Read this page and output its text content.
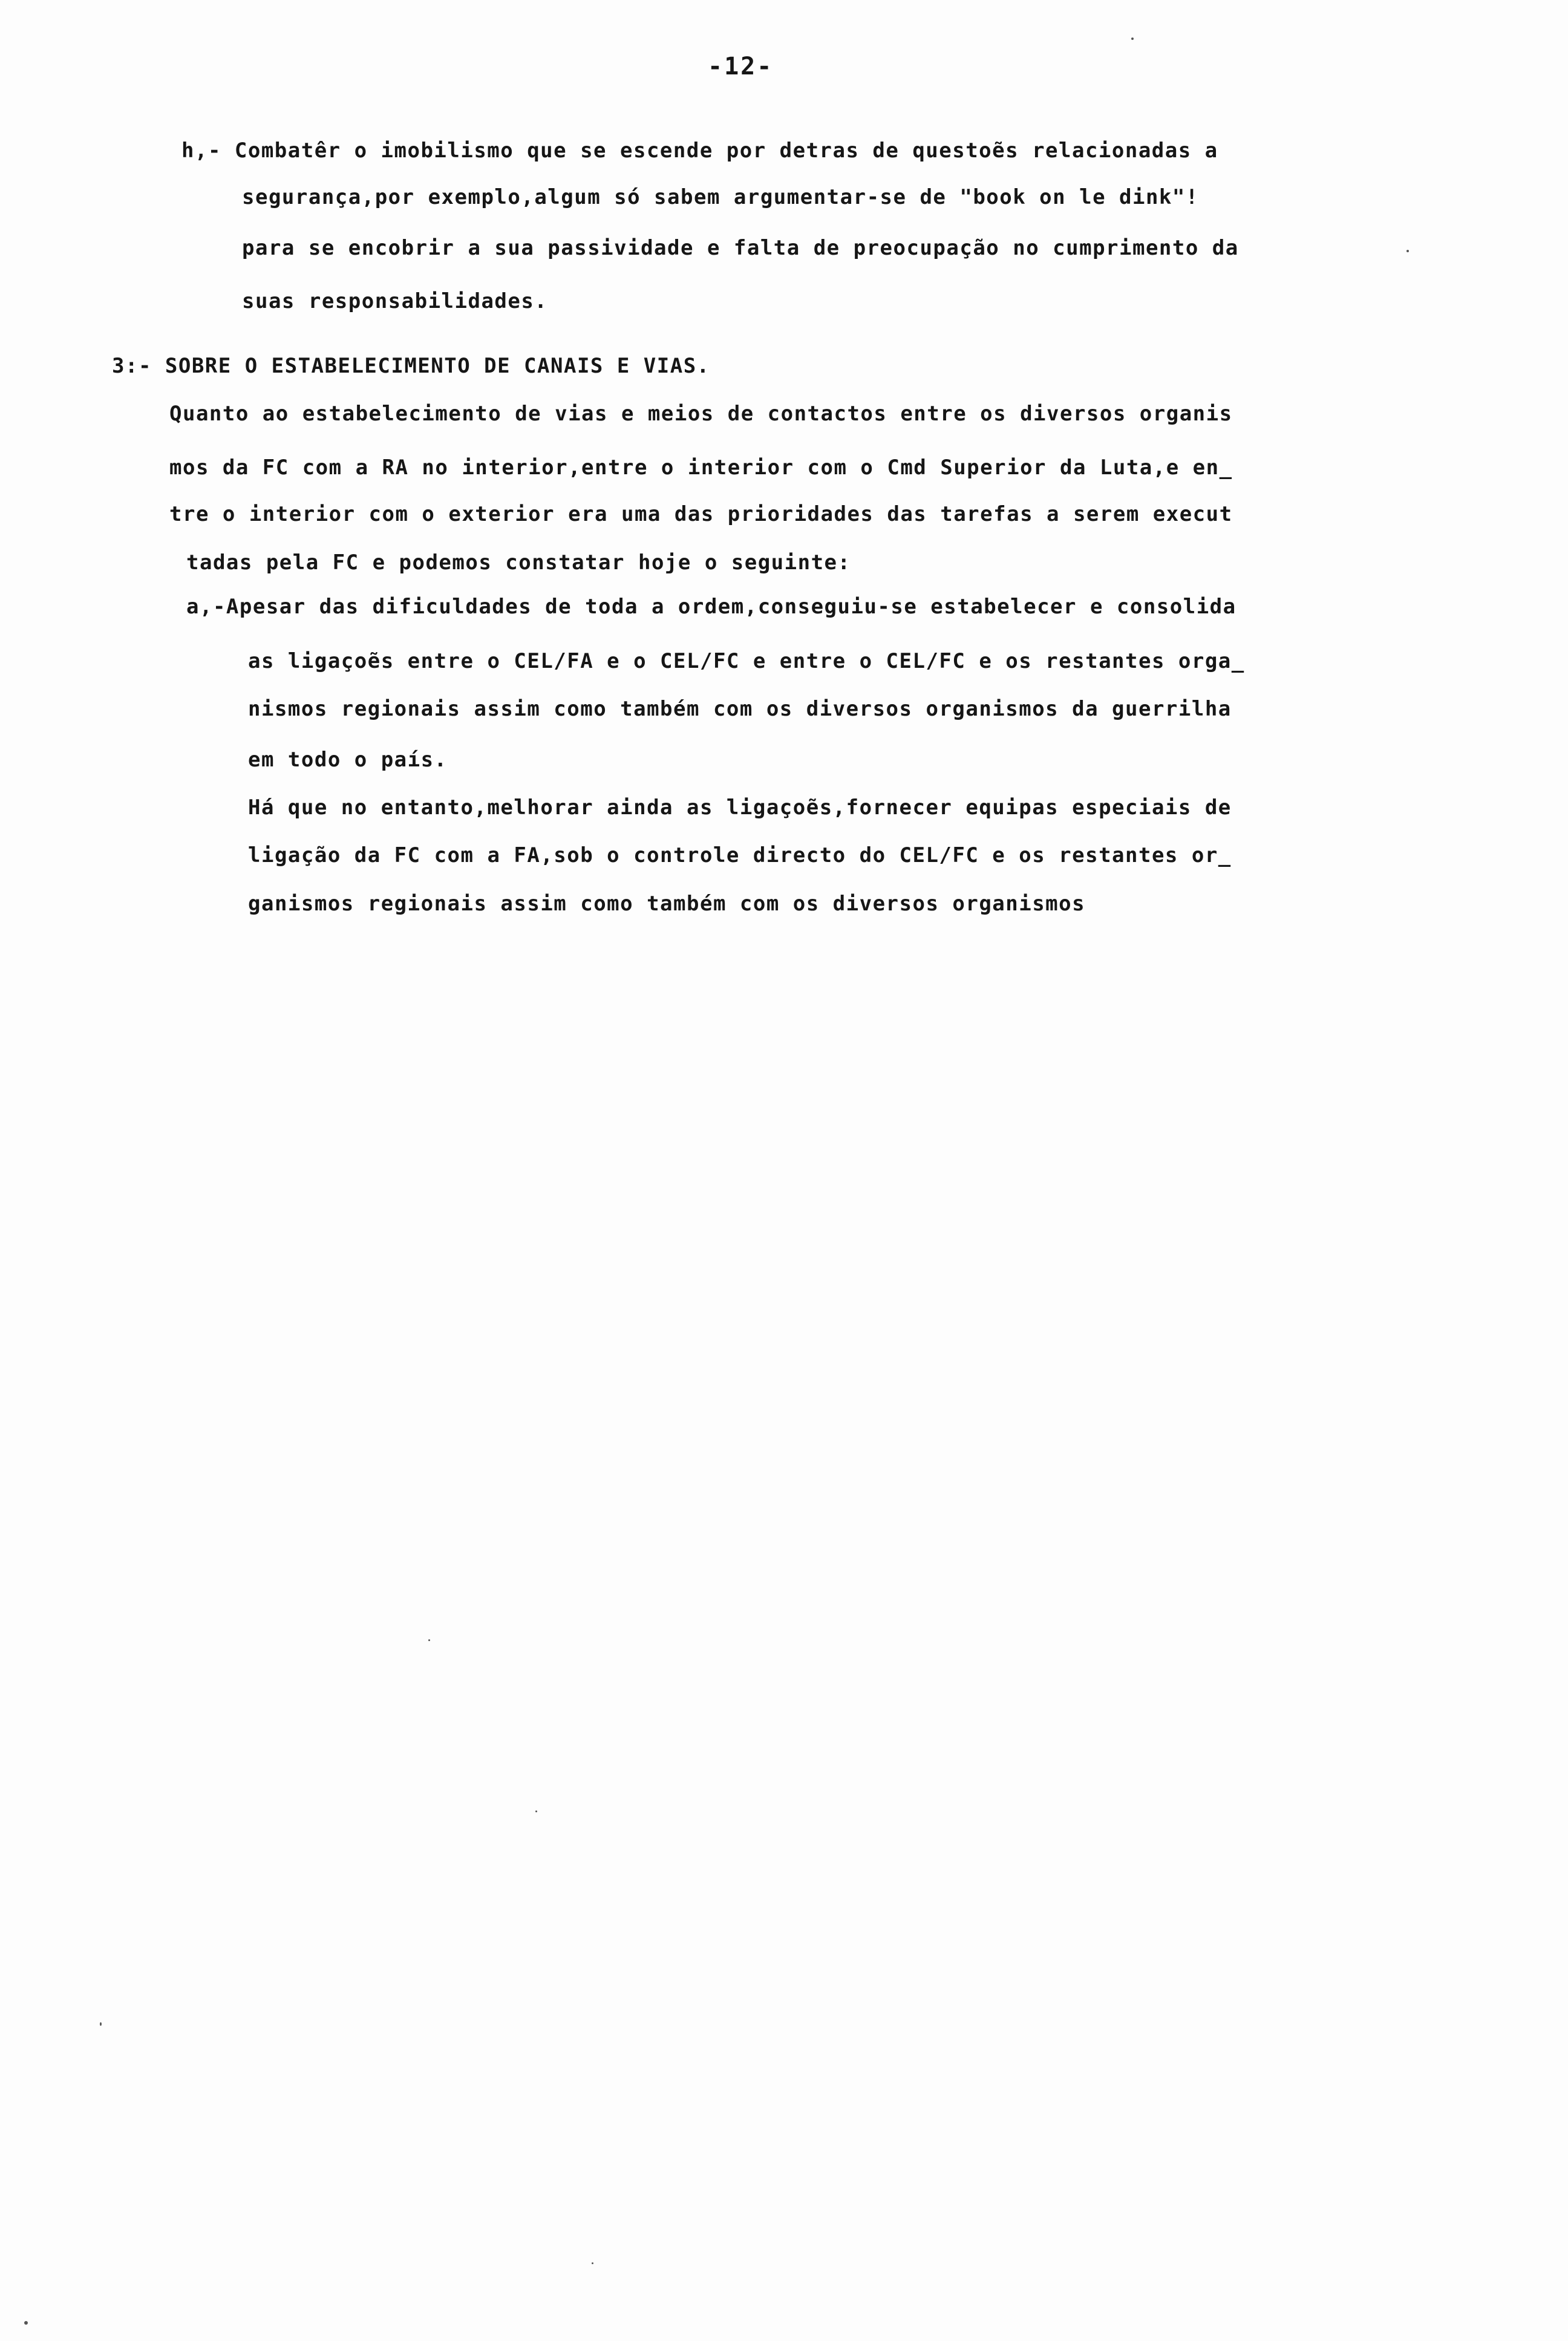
-12-
h,- Combatêr o imobilismo que se escende por detras de questoẽs relacionadas a
segurança,por exemplo,algum só sabem argumentar-se de "book on le dink"!
para se encobrir a sua passividade e falta de preocupação no cumprimento da
suas responsabilidades.
3:- SOBRE O ESTABELECIMENTO DE CANAIS E VIAS.
Quanto ao estabelecimento de vias e meios de contactos entre os diversos organis
mos da FC com a RA no interior,entre o interior com o Cmd Superior da Luta,e en_
tre o interior com o exterior era uma das prioridades das tarefas a serem execut
tadas pela FC e podemos constatar hoje o seguinte:
a,-Apesar das dificuldades de toda a ordem,conseguiu-se estabelecer e consolida
as ligaçoẽs entre o CEL/FA e o CEL/FC e entre o CEL/FC e os restantes orga_
nismos regionais assim como também com os diversos organismos da guerrilha
em todo o país.
Há que no entanto,melhorar ainda as ligaçoẽs,fornecer equipas especiais de
ligação da FC com a FA,sob o controle directo do CEL/FC e os restantes or_
ganismos regionais assim como também com os diversos organismos
